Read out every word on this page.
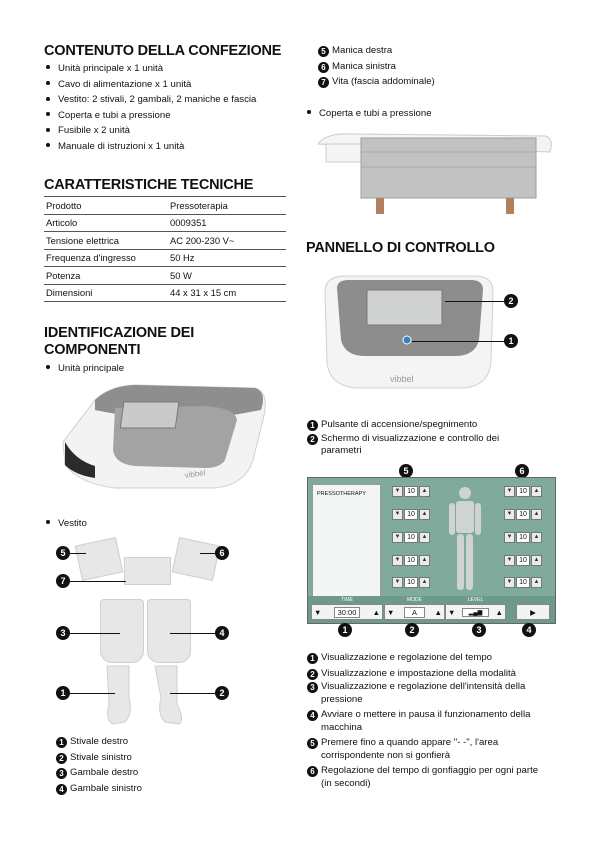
CONTENUTO DELLA CONFEZIONE
Unità principale x 1 unità
Cavo di alimentazione x 1 unità
Vestito: 2 stivali, 2 gambali, 2 maniche e fascia
Coperta e tubi a pressione
Fusibile x 2 unità
Manuale di istruzioni x 1 unità
CARATTERISTICHE TECNICHE
Prodotto	Pressoterapia
Articolo	0009351
Tensione elettrica	AC 200-230 V~
Frequenza d'ingresso	50 Hz
Potenza	50 W
Dimensioni	44 x 31 x 15 cm
IDENTIFICAZIONE DEI
COMPONENTI
Unità principale
vibbel
Vestito
5	6
7
3	4
1	2
1 Stivale destro
2 Stivale sinistro
3 Gambale destro
4 Gambale sinistro
5 Manica destra
6 Manica sinistra
7 Vita (fascia addominale)
Coperta e tubi a pressione
PANNELLO DI CONTROLLO
vibbel
2
1
1 Pulsante di accensione/spegnimento
2 Schermo di visualizzazione e controllo dei
parametri
5	6
PRESSOTHERAPY	▼ 10	▲
▼ 10	▲
▼ 10	▲
▼ 10	▲
▼ 10	▲
▼ 10	▲
▼ 10	▲
▼ 10	▲
▼ 10	▲
▼ 10	▲
TIME
▼	30:00	▲
MODE
▼	A	▲
LEVEL
▼	▂▄▆	▲	▶
1	2	3	4
1 Visualizzazione e regolazione del tempo
2 Visualizzazione e impostazione della modalità
3 Visualizzazione e regolazione dell'intensità della
pressione
4 Avviare o mettere in pausa il funzionamento della
macchina
5 Premere fino a quando appare "- -", l'area
corrispondente non si gonfierà
6 Regolazione del tempo di gonfiaggio per ogni parte
(in secondi)
